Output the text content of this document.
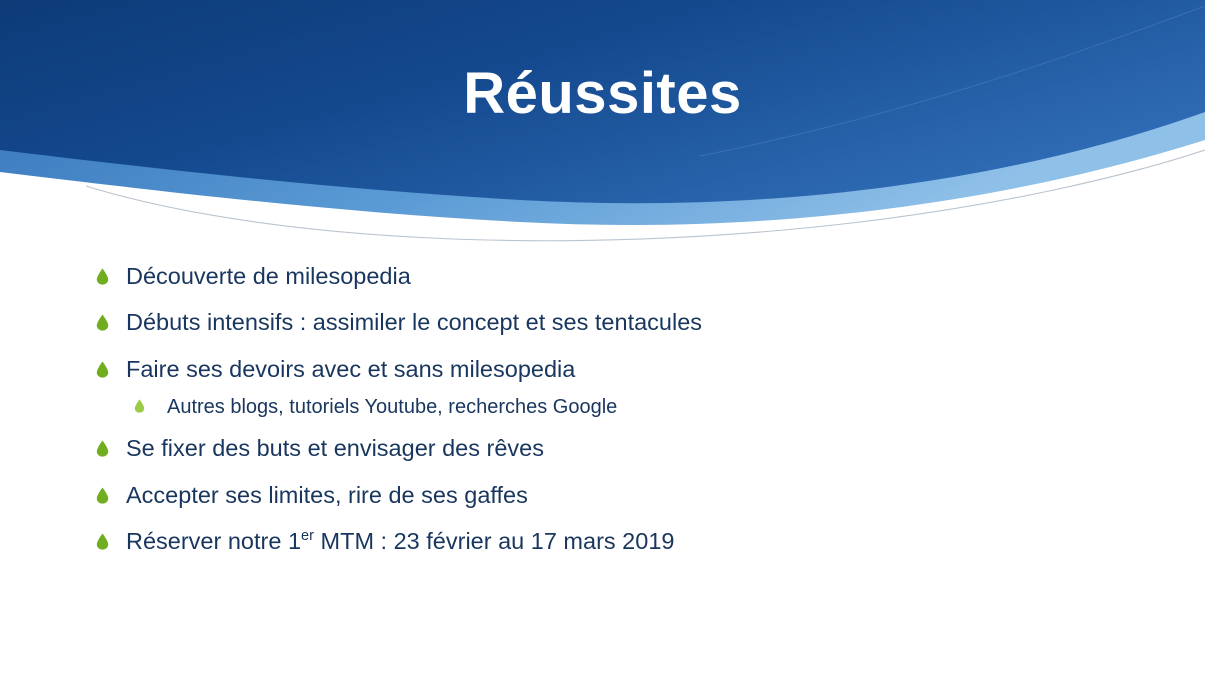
Réussites
Découverte de milesopedia
Débuts intensifs : assimiler le concept et ses tentacules
Faire ses devoirs avec et sans milesopedia
Autres blogs, tutoriels Youtube, recherches Google
Se fixer des buts et envisager des rêves
Accepter ses limites, rire de ses gaffes
Réserver notre 1er MTM : 23 février au 17 mars 2019
